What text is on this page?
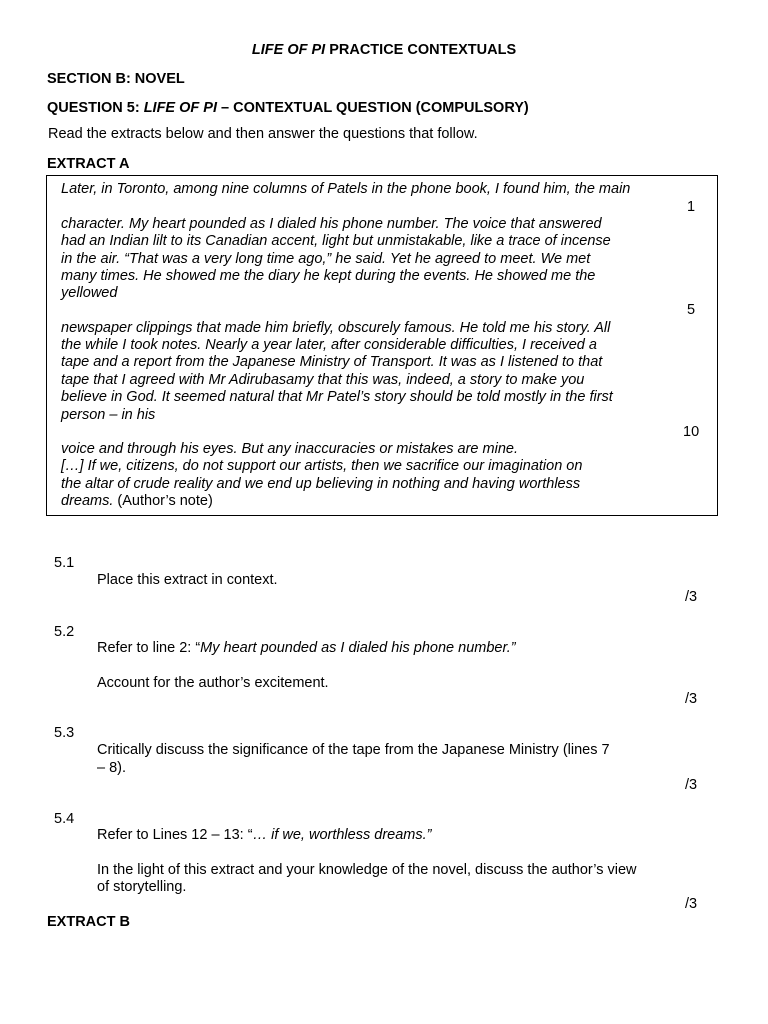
LIFE OF PI PRACTICE CONTEXTUALS
SECTION B: NOVEL
QUESTION 5: LIFE OF PI – CONTEXTUAL QUESTION (COMPULSORY)
Read the extracts below and then answer the questions that follow.
EXTRACT A
Later, in Toronto, among nine columns of Patels in the phone book, I found him, the main
character. My heart pounded as I dialed his phone number. The voice that answered
had an Indian lilt to its Canadian accent, light but unmistakable, like a trace of incense
in the air. “That was a very long time ago,” he said. Yet he agreed to meet. We met
many times. He showed me the diary he kept during the events. He showed me the
yellowed
newspaper clippings that made him briefly, obscurely famous. He told me his story. All
the while I took notes. Nearly a year later, after considerable difficulties, I received a
tape and a report from the Japanese Ministry of Transport. It was as I listened to that
tape that I agreed with Mr Adirubasamy that this was, indeed, a story to make you
believe in God. It seemed natural that Mr Patel’s story should be told mostly in the first
person – in his
voice and through his eyes. But any inaccuracies or mistakes are mine.
[…] If we, citizens, do not support our artists, then we sacrifice our imagination on
the altar of crude reality and we end up believing in nothing and having worthless
dreams. (Author’s note)
1
5
10
5.1
Place this extract in context.
/3
5.2
Refer to line 2: “My heart pounded as I dialed his phone number.”
Account for the author’s excitement.
/3
5.3
Critically discuss the significance of the tape from the Japanese Ministry (lines 7
– 8).
/3
5.4
Refer to Lines 12 – 13: “… if we, worthless dreams.”
In the light of this extract and your knowledge of the novel, discuss the author’s view
of storytelling.
/3
EXTRACT B
